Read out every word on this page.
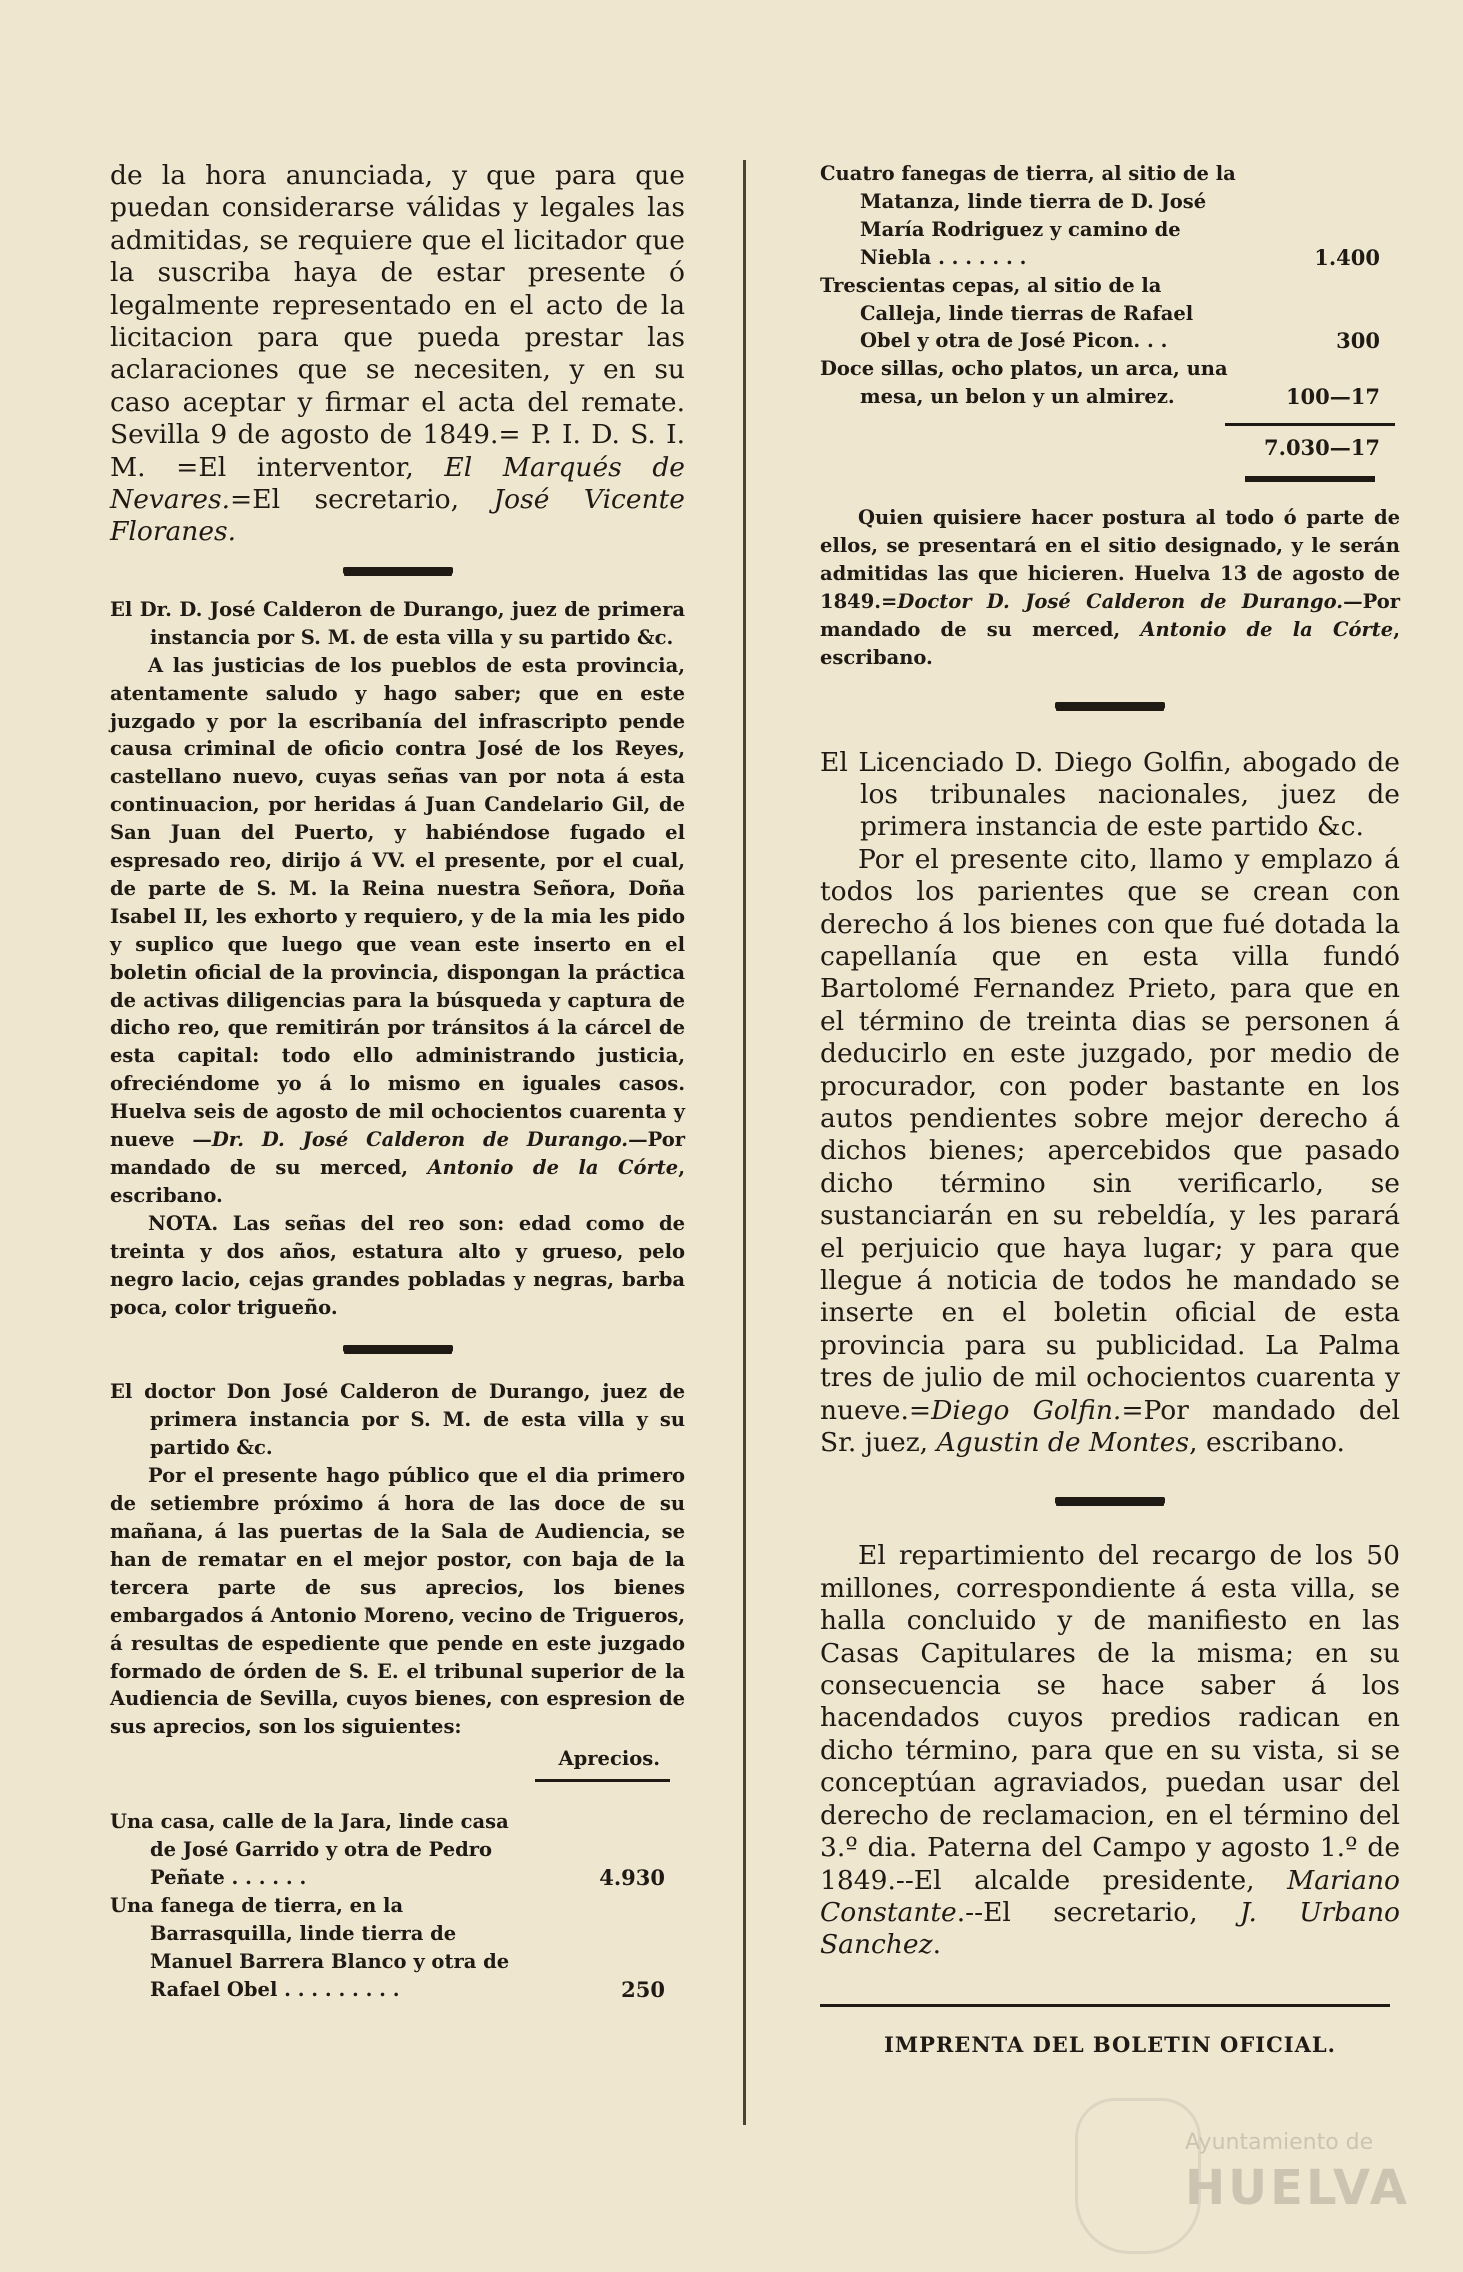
de la hora anunciada, y que para que puedan considerarse válidas y legales las admitidas, se requiere que el licitador que la suscriba haya de estar presente ó legalmente representado en el acto de la licitacion para que pueda prestar las aclaraciones que se necesiten, y en su caso aceptar y firmar el acta del remate. Sevilla 9 de agosto de 1849.= P. I. D. S. I. M. =El interventor, El Marqués de Nevares.=El secretario, José Vicente Floranes.

El Dr. D. José Calderon de Durango, juez de primera instancia por S. M. de esta villa y su partido &c.

A las justicias de los pueblos de esta provincia, atentamente saludo y hago saber; que en este juzgado y por la escribanía del infrascripto pende causa criminal de oficio contra José de los Reyes, castellano nuevo, cuyas señas van por nota á esta continuacion, por heridas á Juan Candelario Gil, de San Juan del Puerto, y habiéndose fugado el espresado reo, dirijo á VV. el presente, por el cual, de parte de S. M. la Reina nuestra Señora, Doña Isabel II, les exhorto y requiero, y de la mia les pido y suplico que luego que vean este inserto en el boletin oficial de la provincia, dispongan la práctica de activas diligencias para la búsqueda y captura de dicho reo, que remitirán por tránsitos á la cárcel de esta capital: todo ello administrando justicia, ofreciéndome yo á lo mismo en iguales casos. Huelva seis de agosto de mil ochocientos cuarenta y nueve —Dr. D. José Calderon de Durango.—Por mandado de su merced, Antonio de la Córte, escribano.

NOTA. Las señas del reo son: edad como de treinta y dos años, estatura alto y grueso, pelo negro lacio, cejas grandes pobladas y negras, barba poca, color trigueño.

El doctor Don José Calderon de Durango, juez de primera instancia por S. M. de esta villa y su partido &c.

Por el presente hago público que el dia primero de setiembre próximo á hora de las doce de su mañana, á las puertas de la Sala de Audiencia, se han de rematar en el mejor postor, con baja de la tercera parte de sus aprecios, los bienes embargados á Antonio Moreno, vecino de Trigueros, á resultas de espediente que pende en este juzgado formado de órden de S. E. el tribunal superior de la Audiencia de Sevilla, cuyos bienes, con espresion de sus aprecios, son los siguientes:

Aprecios.

Una casa, calle de la Jara, linde casa de José Garrido y otra de Pedro Peñate . . . . . .	4.930
Una fanega de tierra, en la Barrasquilla, linde tierra de Manuel Barrera Blanco y otra de Rafael Obel . . . . . . . . .	250
Cuatro fanegas de tierra, al sitio de la Matanza, linde tierra de D. José María Rodriguez y camino de Niebla . . . . . . .	1.400
Trescientas cepas, al sitio de la Calleja, linde tierras de Rafael Obel y otra de José Picon. . .	300
Doce sillas, ocho platos, un arca, una mesa, un belon y un almirez.	100—17
7.030—17

Quien quisiere hacer postura al todo ó parte de ellos, se presentará en el sitio designado, y le serán admitidas las que hicieren. Huelva 13 de agosto de 1849.=Doctor D. José Calderon de Durango.—Por mandado de su merced, Antonio de la Córte, escribano.

El Licenciado D. Diego Golfin, abogado de los tribunales nacionales, juez de primera instancia de este partido &c.

Por el presente cito, llamo y emplazo á todos los parientes que se crean con derecho á los bienes con que fué dotada la capellanía que en esta villa fundó Bartolomé Fernandez Prieto, para que en el término de treinta dias se personen á deducirlo en este juzgado, por medio de procurador, con poder bastante en los autos pendientes sobre mejor derecho á dichos bienes; apercebidos que pasado dicho término sin verificarlo, se sustanciarán en su rebeldía, y les parará el perjuicio que haya lugar; y para que llegue á noticia de todos he mandado se inserte en el boletin oficial de esta provincia para su publicidad. La Palma tres de julio de mil ochocientos cuarenta y nueve.=Diego Golfin.=Por mandado del Sr. juez, Agustin de Montes, escribano.

El repartimiento del recargo de los 50 millones, correspondiente á esta villa, se halla concluido y de manifiesto en las Casas Capitulares de la misma; en su consecuencia se hace saber á los hacendados cuyos predios radican en dicho término, para que en su vista, si se conceptúan agraviados, puedan usar del derecho de reclamacion, en el término del 3.º dia. Paterna del Campo y agosto 1.º de 1849.--El alcalde presidente, Mariano Constante.--El secretario, J. Urbano Sanchez.

IMPRENTA DEL BOLETIN OFICIAL.
Ayuntamiento de
HUELVA
